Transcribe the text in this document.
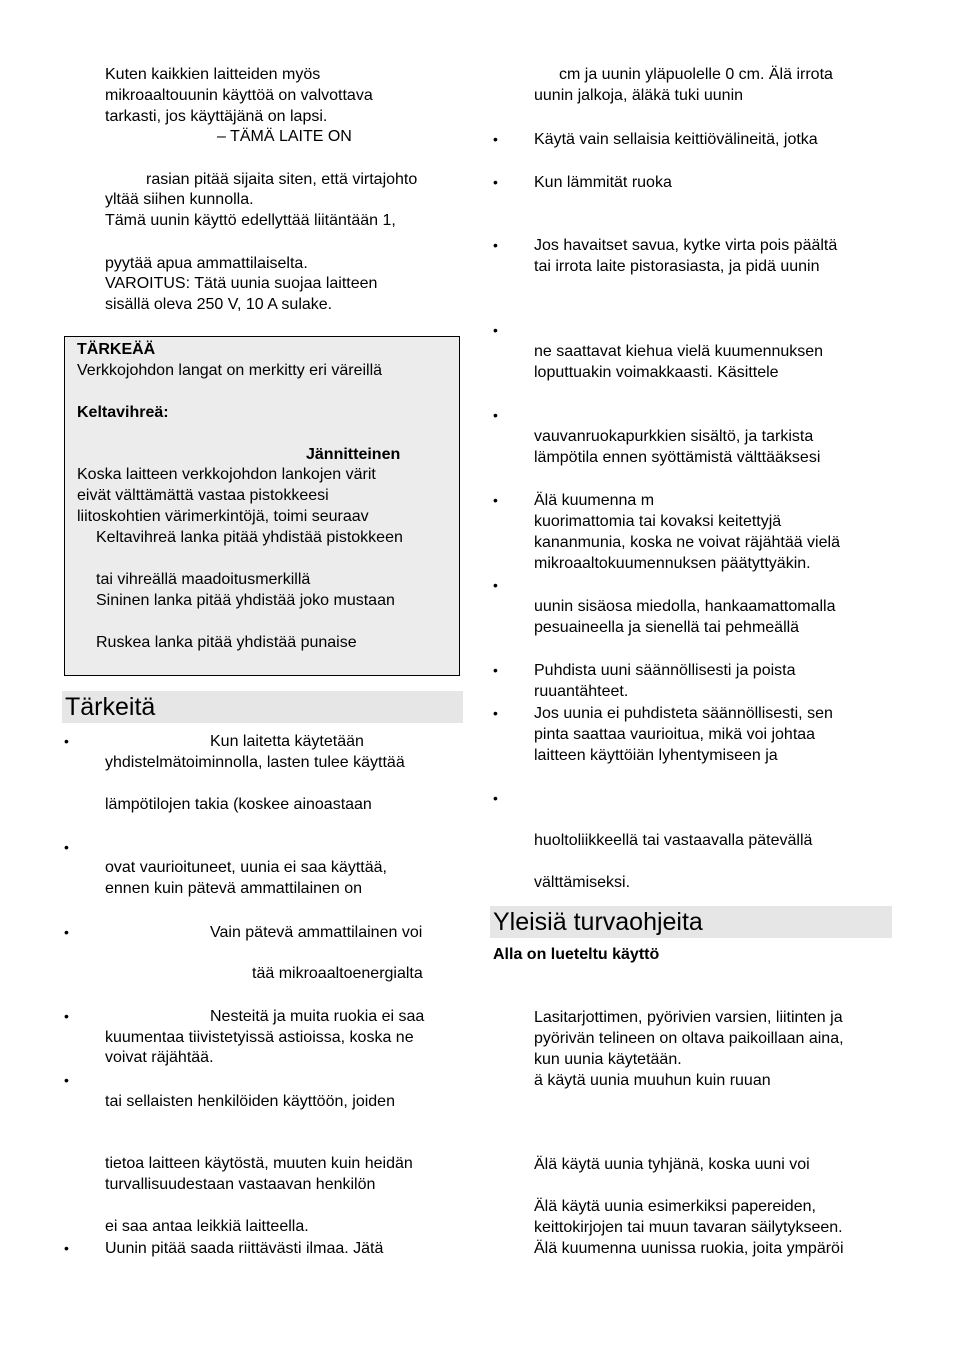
Kuten kaikkien laitteiden myös
mikroaaltouunin käyttöä on valvottava
tarkasti, jos käyttäjänä on lapsi.
– TÄMÄ LAITE ON
rasian pitää sijaita siten, että virtajohto
yltää siihen kunnolla.
Tämä uunin käyttö edellyttää liitäntään 1,
pyytää apua ammattilaiselta.
VAROITUS: Tätä uunia suojaa laitteen
sisällä oleva 250 V, 10 A sulake.
TÄRKEÄÄ
Verkkojohdon langat on merkitty eri väreillä
Keltavihreä:
Jännitteinen
Koska laitteen verkkojohdon lankojen värit
eivät välttämättä vastaa pistokkeesi
liitoskohtien värimerkintöjä, toimi seuraav
Keltavihreä lanka pitää yhdistää pistokkeen
tai vihreällä maadoitusmerkillä
Sininen lanka pitää yhdistää joko mustaan
Ruskea lanka pitää yhdistää punaise
Tärkeitä
•	Kun laitetta käytetään
yhdistelmätoiminnolla, lasten tulee käyttää
lämpötilojen takia (koskee ainoastaan
•
ovat vaurioituneet, uunia ei saa käyttää,
ennen kuin pätevä ammattilainen on
•	Vain pätevä ammattilainen voi
tää mikroaaltoenergialta
•	Nesteitä ja muita ruokia ei saa
kuumentaa tiivistetyissä astioissa, koska ne
voivat räjähtää.
•
tai sellaisten henkilöiden käyttöön, joiden
tietoa laitteen käytöstä, muuten kuin heidän
turvallisuudestaan vastaavan henkilön
ei saa antaa leikkiä laitteella.
• Uunin pitää saada riittävästi ilmaa. Jätä
cm ja uunin yläpuolelle 0 cm. Älä irrota
uunin jalkoja, äläkä tuki uunin
• Käytä vain sellaisia keittiövälineitä, jotka
• Kun lämmität ruoka
• Jos havaitset savua, kytke virta pois päältä
tai irrota laite pistorasiasta, ja pidä uunin
•
ne saattavat kiehua vielä kuumennuksen
loputtuakin voimakkaasti. Käsittele
•
vauvanruokapurkkien sisältö, ja tarkista
lämpötila ennen syöttämistä välttääksesi
• Älä kuumenna m
kuorimattomia tai kovaksi keitettyjä
kananmunia, koska ne voivat räjähtää vielä
mikroaaltokuumennuksen päätyttyäkin.
•
uunin sisäosa miedolla, hankaamattomalla
pesuaineella ja sienellä tai pehmeällä
• Puhdista uuni säännöllisesti ja poista
ruuantähteet.
• Jos uunia ei puhdisteta säännöllisesti, sen
pinta saattaa vaurioitua, mikä voi johtaa
laitteen käyttöiän lyhentymiseen ja
•
huoltoliikkeellä tai vastaavalla pätevällä
välttämiseksi.
Yleisiä turvaohjeita
Alla on lueteltu käyttö
Lasitarjottimen, pyörivien varsien, liitinten ja
pyörivän telineen on oltava paikoillaan aina,
kun uunia käytetään.
ä käytä uunia muuhun kuin ruuan
Älä käytä uunia tyhjänä, koska uuni voi
Älä käytä uunia esimerkiksi papereiden,
keittokirjojen tai muun tavaran säilytykseen.
Älä kuumenna uunissa ruokia, joita ympäröi
